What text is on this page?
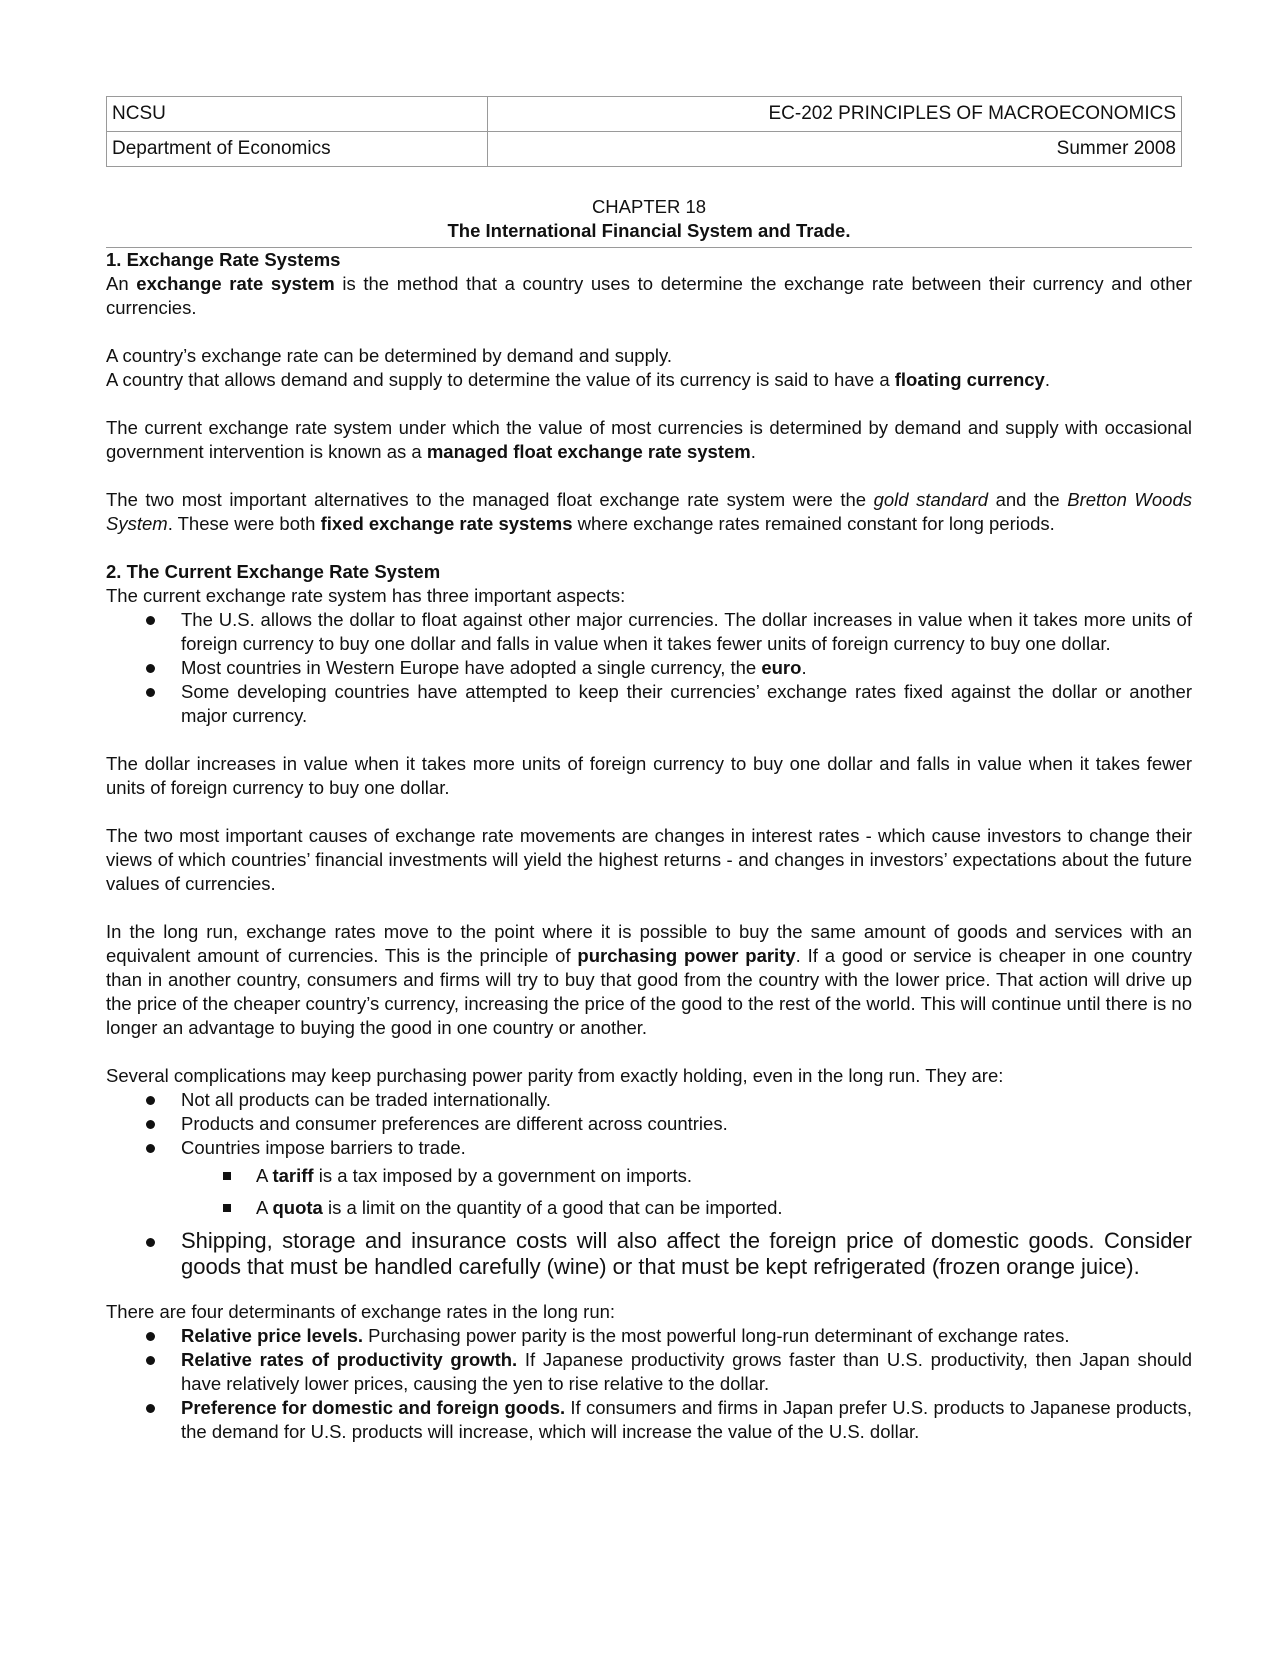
NCSU	EC-202 PRINCIPLES OF MACROECONOMICS
Department of Economics	Summer 2008
CHAPTER 18
The International Financial System and Trade.
1. Exchange Rate Systems

An exchange rate system is the method that a country uses to determine the exchange rate between their currency and other currencies.

A country’s exchange rate can be determined by demand and supply.

A country that allows demand and supply to determine the value of its currency is said to have a floating currency.

The current exchange rate system under which the value of most currencies is determined by demand and supply with occasional government intervention is known as a managed float exchange rate system.

The two most important alternatives to the managed float exchange rate system were the gold standard and the Bretton Woods System. These were both fixed exchange rate systems where exchange rates remained constant for long periods.

2. The Current Exchange Rate System

The current exchange rate system has three important aspects:

The U.S. allows the dollar to float against other major currencies. The dollar increases in value when it takes more units of foreign currency to buy one dollar and falls in value when it takes fewer units of foreign currency to buy one dollar.
Most countries in Western Europe have adopted a single currency, the euro.
Some developing countries have attempted to keep their currencies’ exchange rates fixed against the dollar or another major currency.

The dollar increases in value when it takes more units of foreign currency to buy one dollar and falls in value when it takes fewer units of foreign currency to buy one dollar.

The two most important causes of exchange rate movements are changes in interest rates - which cause investors to change their views of which countries’ financial investments will yield the highest returns - and changes in investors’ expectations about the future values of currencies.

In the long run, exchange rates move to the point where it is possible to buy the same amount of goods and services with an equivalent amount of currencies. This is the principle of purchasing power parity. If a good or service is cheaper in one country than in another country, consumers and firms will try to buy that good from the country with the lower price. That action will drive up the price of the cheaper country’s currency, increasing the price of the good to the rest of the world. This will continue until there is no longer an advantage to buying the good in one country or another.

Several complications may keep purchasing power parity from exactly holding, even in the long run. They are:

Not all products can be traded internationally.
Products and consumer preferences are different across countries.
Countries impose barriers to trade.
A tariff is a tax imposed by a government on imports.
A quota is a limit on the quantity of a good that can be imported.
Shipping, storage and insurance costs will also affect the foreign price of domestic goods. Consider goods that must be handled carefully (wine) or that must be kept refrigerated (frozen orange juice).

There are four determinants of exchange rates in the long run:

Relative price levels. Purchasing power parity is the most powerful long-run determinant of exchange rates.
Relative rates of productivity growth. If Japanese productivity grows faster than U.S. productivity, then Japan should have relatively lower prices, causing the yen to rise relative to the dollar.
Preference for domestic and foreign goods. If consumers and firms in Japan prefer U.S. products to Japanese products, the demand for U.S. products will increase, which will increase the value of the U.S. dollar.
